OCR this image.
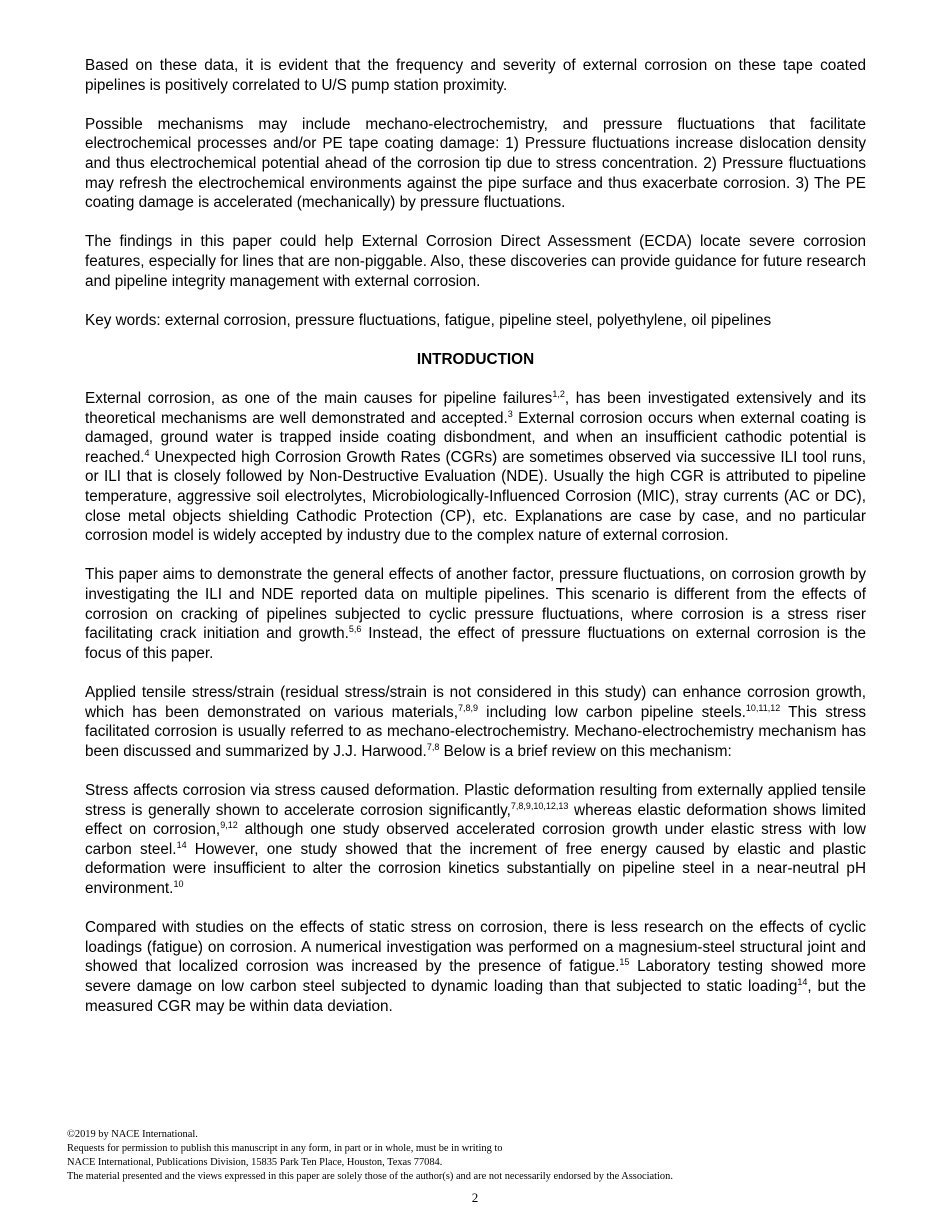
Based on these data, it is evident that the frequency and severity of external corrosion on these tape coated pipelines is positively correlated to U/S pump station proximity.

Possible mechanisms may include mechano-electrochemistry, and pressure fluctuations that facilitate electrochemical processes and/or PE tape coating damage: 1) Pressure fluctuations increase dislocation density and thus electrochemical potential ahead of the corrosion tip due to stress concentration. 2) Pressure fluctuations may refresh the electrochemical environments against the pipe surface and thus exacerbate corrosion. 3) The PE coating damage is accelerated (mechanically) by pressure fluctuations.

The findings in this paper could help External Corrosion Direct Assessment (ECDA) locate severe corrosion features, especially for lines that are non-piggable. Also, these discoveries can provide guidance for future research and pipeline integrity management with external corrosion.

Key words: external corrosion, pressure fluctuations, fatigue, pipeline steel, polyethylene, oil pipelines

INTRODUCTION

External corrosion, as one of the main causes for pipeline failures$^{1,2}$, has been investigated extensively and its theoretical mechanisms are well demonstrated and accepted.$^3$ External corrosion occurs when external coating is damaged, ground water is trapped inside coating disbondment, and when an insufficient cathodic potential is reached.$^4$ Unexpected high Corrosion Growth Rates (CGRs) are sometimes observed via successive ILI tool runs, or ILI that is closely followed by Non-Destructive Evaluation (NDE). Usually the high CGR is attributed to pipeline temperature, aggressive soil electrolytes, Microbiologically-Influenced Corrosion (MIC), stray currents (AC or DC), close metal objects shielding Cathodic Protection (CP), etc. Explanations are case by case, and no particular corrosion model is widely accepted by industry due to the complex nature of external corrosion.

This paper aims to demonstrate the general effects of another factor, pressure fluctuations, on corrosion growth by investigating the ILI and NDE reported data on multiple pipelines. This scenario is different from the effects of corrosion on cracking of pipelines subjected to cyclic pressure fluctuations, where corrosion is a stress riser facilitating crack initiation and growth.$^{5,6}$ Instead, the effect of pressure fluctuations on external corrosion is the focus of this paper.

Applied tensile stress/strain (residual stress/strain is not considered in this study) can enhance corrosion growth, which has been demonstrated on various materials,$^{7,8,9}$ including low carbon pipeline steels.$^{10,11,12}$ This stress facilitated corrosion is usually referred to as mechano-electrochemistry. Mechano-electrochemistry mechanism has been discussed and summarized by J.J. Harwood.$^{7,8}$ Below is a brief review on this mechanism:

Stress affects corrosion via stress caused deformation. Plastic deformation resulting from externally applied tensile stress is generally shown to accelerate corrosion significantly,$^{7,8,9,10,12,13}$ whereas elastic deformation shows limited effect on corrosion,$^{9,12}$ although one study observed accelerated corrosion growth under elastic stress with low carbon steel.$^{14}$ However, one study showed that the increment of free energy caused by elastic and plastic deformation were insufficient to alter the corrosion kinetics substantially on pipeline steel in a near-neutral pH environment.$^{10}$

Compared with studies on the effects of static stress on corrosion, there is less research on the effects of cyclic loadings (fatigue) on corrosion. A numerical investigation was performed on a magnesium-steel structural joint and showed that localized corrosion was increased by the presence of fatigue.$^{15}$ Laboratory testing showed more severe damage on low carbon steel subjected to dynamic loading than that subjected to static loading$^{14}$, but the measured CGR may be within data deviation.

©2019 by NACE International.
Requests for permission to publish this manuscript in any form, in part or in whole, must be in writing to
NACE International, Publications Division, 15835 Park Ten Place, Houston, Texas 77084.
The material presented and the views expressed in this paper are solely those of the author(s) and are not necessarily endorsed by the Association.
2
